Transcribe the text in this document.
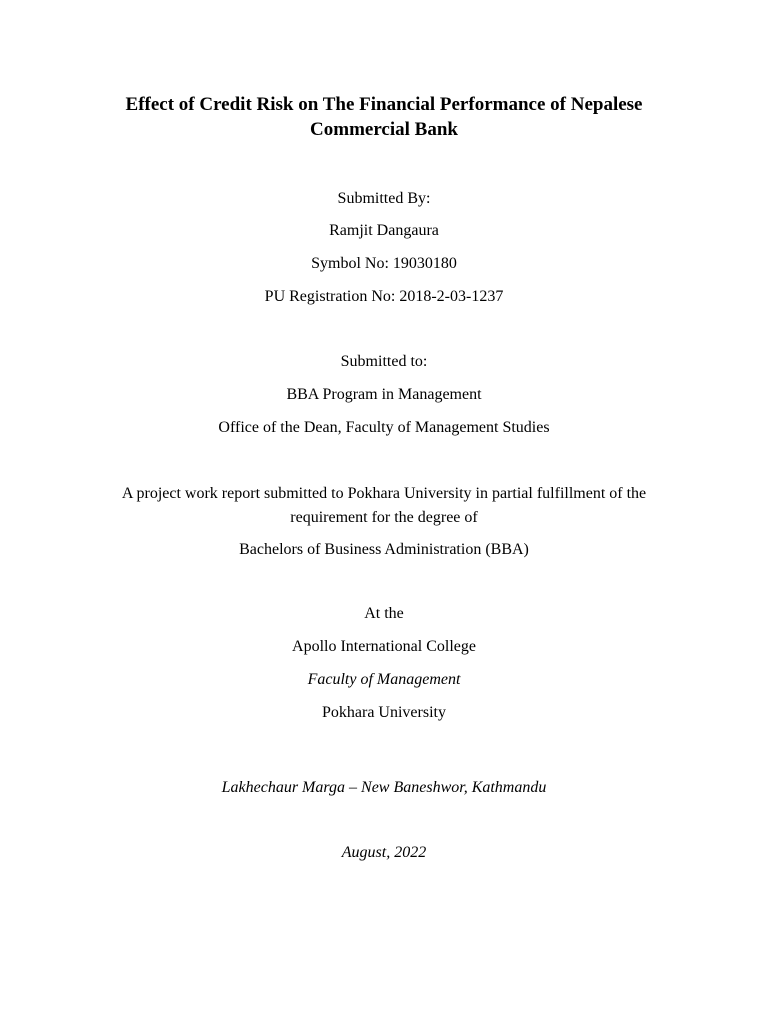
Effect of Credit Risk on The Financial Performance of Nepalese
Commercial Bank
Submitted By:
Ramjit Dangaura
Symbol No: 19030180
PU Registration No: 2018-2-03-1237
Submitted to:
BBA Program in Management
Office of the Dean, Faculty of Management Studies
A project work report submitted to Pokhara University in partial fulfillment of the
requirement for the degree of
Bachelors of Business Administration (BBA)
At the
Apollo International College
Faculty of Management
Pokhara University
Lakhechaur Marga – New Baneshwor, Kathmandu
August, 2022
